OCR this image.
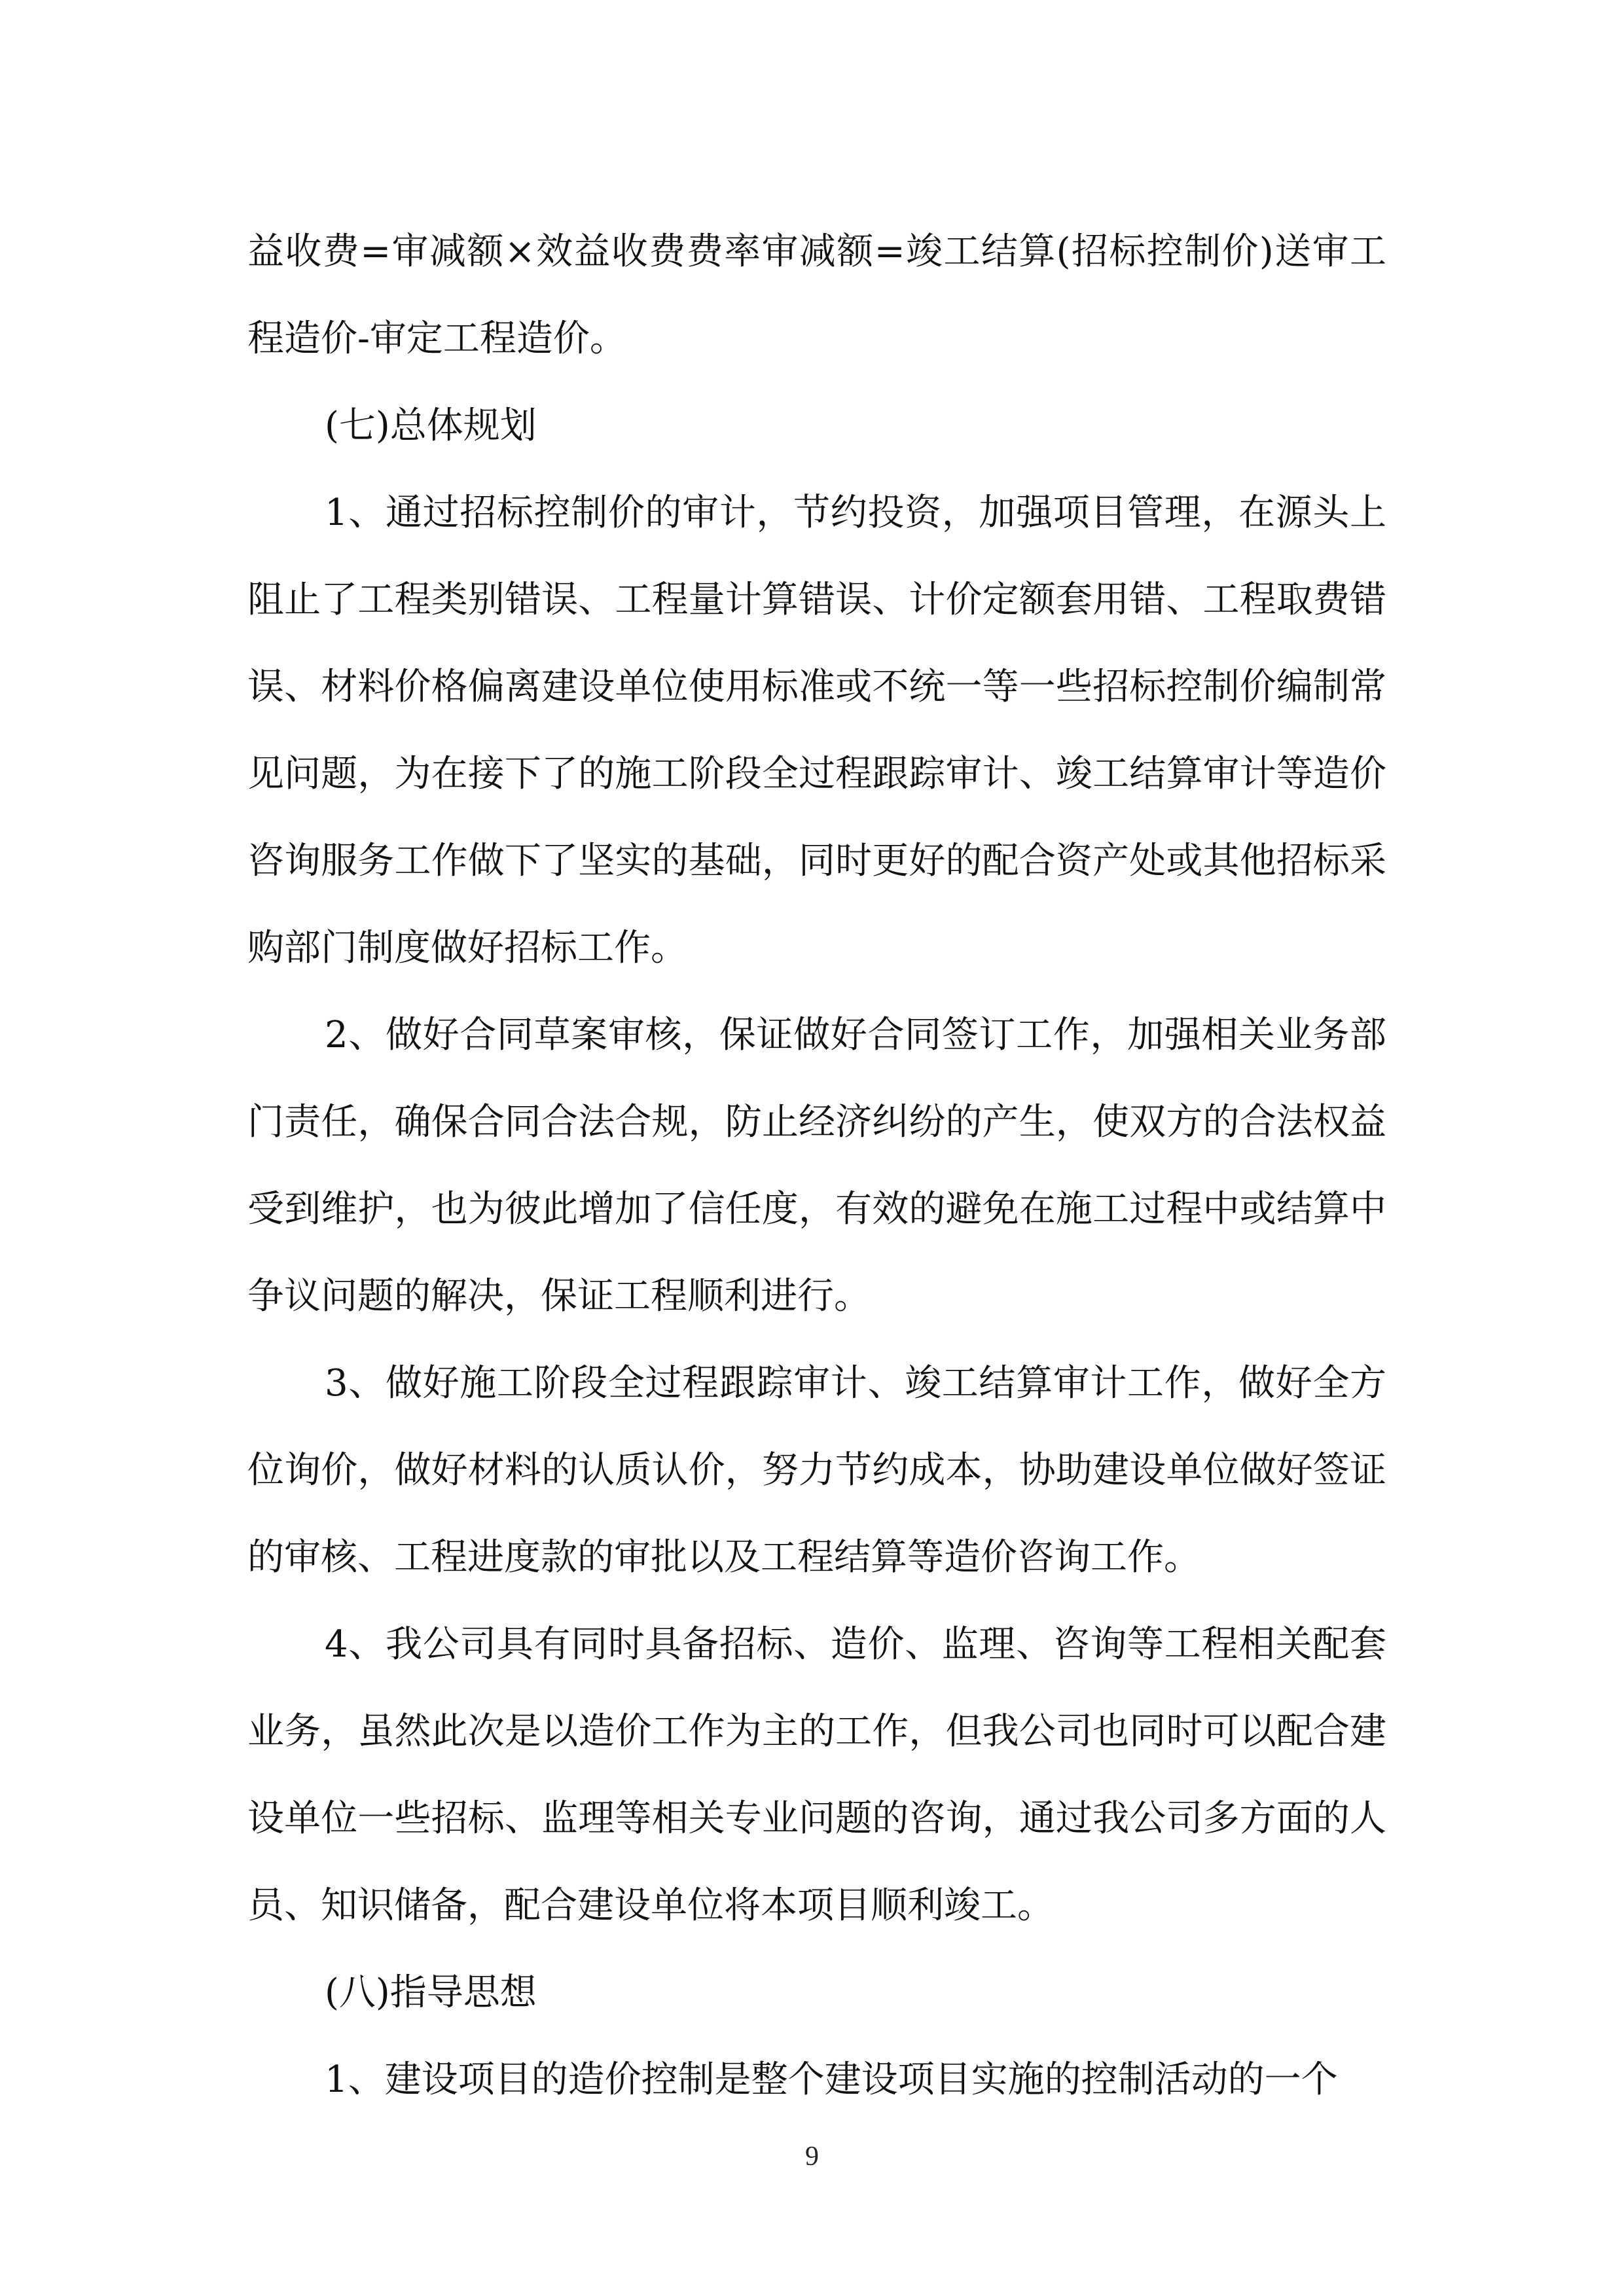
益收费=审减额×效益收费费率审减额=竣工结算(招标控制价)送审工程造价-审定工程造价。

(七)总体规划

1、通过招标控制价的审计，节约投资，加强项目管理，在源头上阻止了工程类别错误、工程量计算错误、计价定额套用错、工程取费错误、材料价格偏离建设单位使用标准或不统一等一些招标控制价编制常见问题，为在接下了的施工阶段全过程跟踪审计、竣工结算审计等造价咨询服务工作做下了坚实的基础，同时更好的配合资产处或其他招标采购部门制度做好招标工作。

2、做好合同草案审核，保证做好合同签订工作，加强相关业务部门责任，确保合同合法合规，防止经济纠纷的产生，使双方的合法权益受到维护，也为彼此增加了信任度，有效的避免在施工过程中或结算中争议问题的解决，保证工程顺利进行。

3、做好施工阶段全过程跟踪审计、竣工结算审计工作，做好全方位询价，做好材料的认质认价，努力节约成本，协助建设单位做好签证的审核、工程进度款的审批以及工程结算等造价咨询工作。

4、我公司具有同时具备招标、造价、监理、咨询等工程相关配套业务，虽然此次是以造价工作为主的工作，但我公司也同时可以配合建设单位一些招标、监理等相关专业问题的咨询，通过我公司多方面的人员、知识储备，配合建设单位将本项目顺利竣工。

(八)指导思想

1、建设项目的造价控制是整个建设项目实施的控制活动的一个

9
